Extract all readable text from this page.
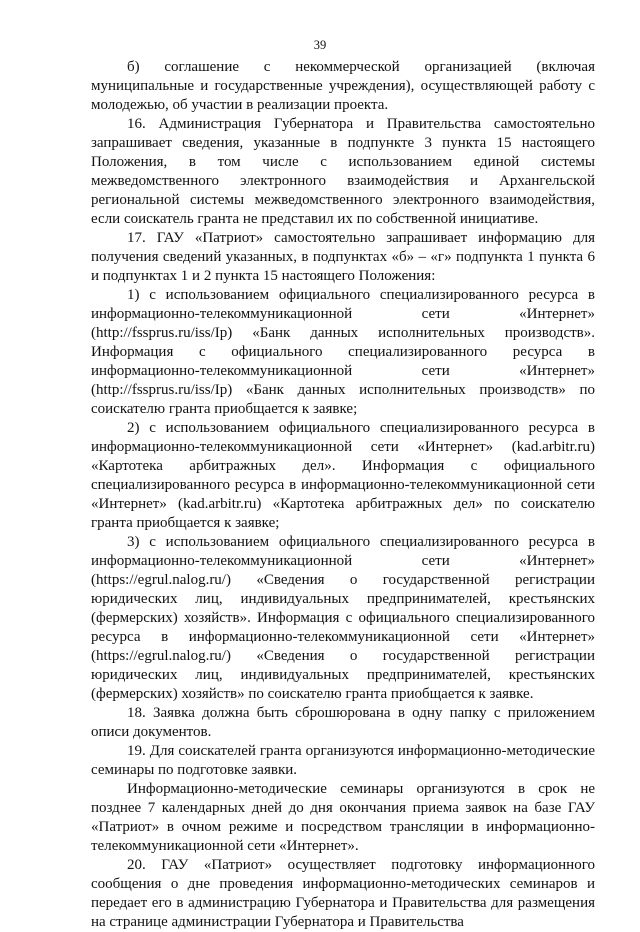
39

б) соглашение с некоммерческой организацией (включая муниципальные и государственные учреждения), осуществляющей работу с молодежью, об участии в реализации проекта.

16. Администрация Губернатора и Правительства самостоятельно запрашивает сведения, указанные в подпункте 3 пункта 15 настоящего Положения, в том числе с использованием единой системы межведомственного электронного взаимодействия и Архангельской региональной системы межведомственного электронного взаимодействия, если соискатель гранта не представил их по собственной инициативе.

17. ГАУ «Патриот» самостоятельно запрашивает информацию для получения сведений указанных, в подпунктах «б» – «г» подпункта 1 пункта 6 и подпунктах 1 и 2 пункта 15 настоящего Положения:

1) с использованием официального специализированного ресурса в информационно-телекоммуникационной сети «Интернет» (http://fssprus.ru/iss/Ip) «Банк данных исполнительных производств». Информация с официального специализированного ресурса в информационно-телекоммуникационной сети «Интернет» (http://fssprus.ru/iss/Ip) «Банк данных исполнительных производств» по соискателю гранта приобщается к заявке;

2) с использованием официального специализированного ресурса в информационно-телекоммуникационной сети «Интернет» (kad.arbitr.ru) «Картотека арбитражных дел». Информация с официального специализированного ресурса в информационно-телекоммуникационной сети «Интернет» (kad.arbitr.ru) «Картотека арбитражных дел» по соискателю гранта приобщается к заявке;

3) с использованием официального специализированного ресурса в информационно-телекоммуникационной сети «Интернет» (https://egrul.nalog.ru/) «Сведения о государственной регистрации юридических лиц, индивидуальных предпринимателей, крестьянских (фермерских) хозяйств». Информация с официального специализированного ресурса в информационно-телекоммуникационной сети «Интернет» (https://egrul.nalog.ru/) «Сведения о государственной регистрации юридических лиц, индивидуальных предпринимателей, крестьянских (фермерских) хозяйств» по соискателю гранта приобщается к заявке.

18. Заявка должна быть сброшюрована в одну папку с приложением описи документов.

19. Для соискателей гранта организуются информационно-методические семинары по подготовке заявки.

Информационно-методические семинары организуются в срок не позднее 7 календарных дней до дня окончания приема заявок на базе ГАУ «Патриот» в очном режиме и посредством трансляции в информационно-телекоммуникационной сети «Интернет».

20. ГАУ «Патриот» осуществляет подготовку информационного сообщения о дне проведения информационно-методических семинаров и передает его в администрацию Губернатора и Правительства для размещения на странице администрации Губернатора и Правительства
